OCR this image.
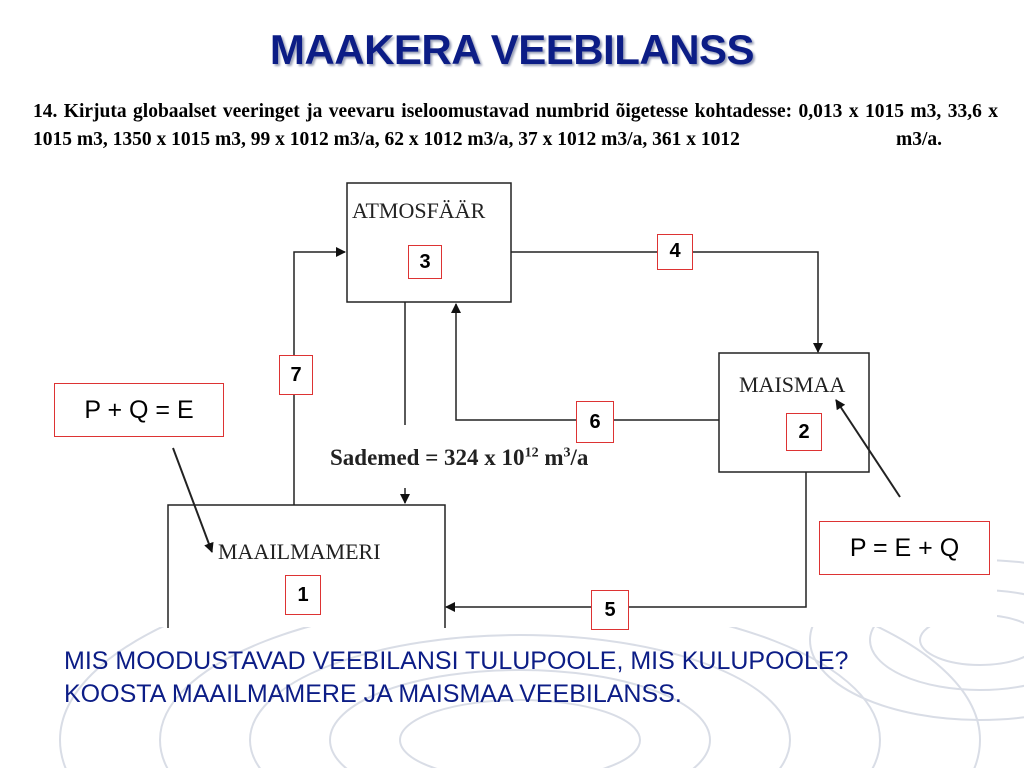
MAAKERA VEEBILANSS
14. Kirjuta globaalset veeringet ja veevaru iseloomustavad numbrid õigetesse kohtadesse: 0,013 x 1015 m3, 33,6 x 1015 m3, 1350 x 1015 m3, 99 x 1012 m3/a, 62 x 1012 m3/a, 37 x 1012 m3/a, 361 x 1012	m3/a.
ATMOSFÄÄR
MAISMAA
MAAILMAMERI
Sademed = 324 x $10^{12}$ $m^3/a$
3	4
7
6	2
1
5
P + Q = E
P = E + Q
MIS MOODUSTAVAD VEEBILANSI TULUPOOLE, MIS KULUPOOLE? KOOSTA MAAILMAMERE JA MAISMAA VEEBILANSS.
